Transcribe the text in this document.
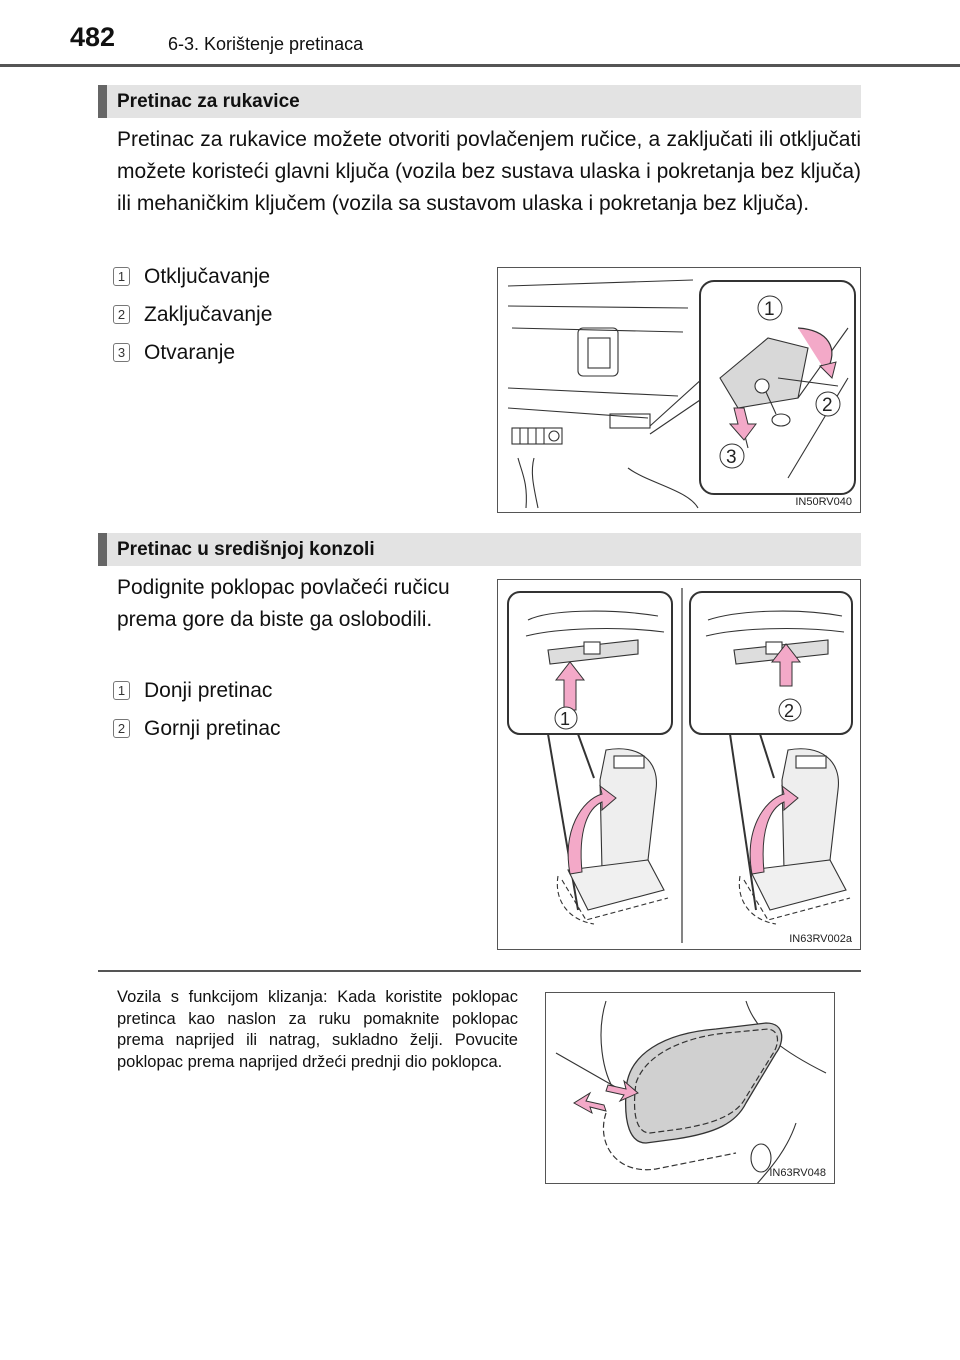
482	6-3. Korištenje pretinaca
Pretinac za rukavice
Pretinac za rukavice možete otvoriti povlačenjem ručice, a zaključati ili otključati možete koristeći glavni ključa (vozila bez sustava ulaska i pokretanja bez ključa) ili mehaničkim ključem (vozila sa sustavom ulaska i pokretanja bez ključa).
1 Otključavanje
2 Zaključavanje
3 Otvaranje
1
2
3
IN50RV040
Pretinac u središnjoj konzoli
Podignite poklopac povlačeći ručicu prema gore da biste ga oslobodili.
1 Donji pretinac
2 Gornji pretinac	1	2
IN63RV002a
Vozila s funkcijom klizanja: Kada koristite poklopac pretinca kao naslon za ruku pomaknite poklopac prema naprijed ili natrag, sukladno želji. Povucite poklopac prema naprijed držeći prednji dio poklopca.
IN63RV048
